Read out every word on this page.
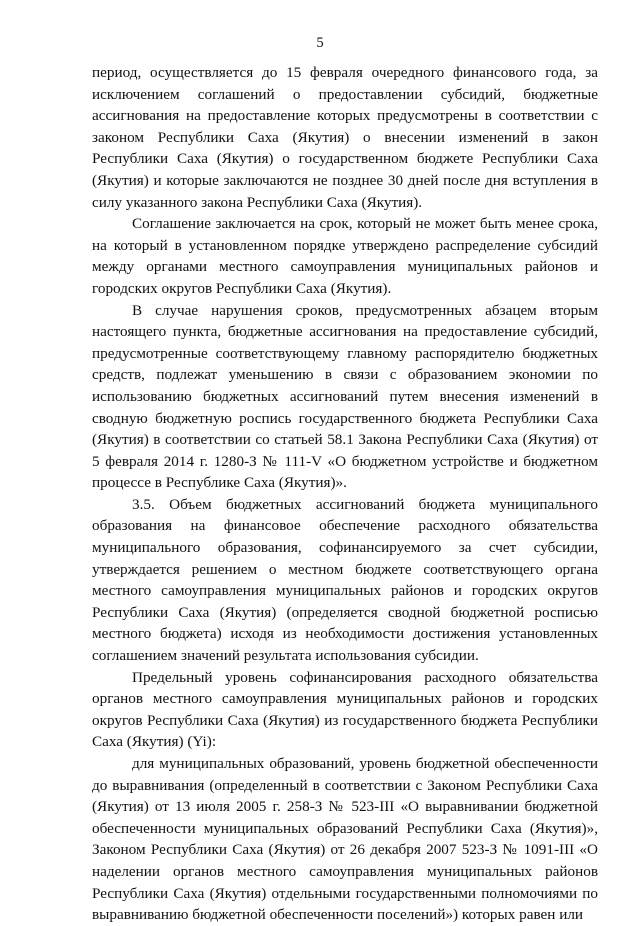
5

период, осуществляется до 15 февраля очередного финансового года, за исключением соглашений о предоставлении субсидий, бюджетные ассигнования на предоставление которых предусмотрены в соответствии с законом Республики Саха (Якутия) о внесении изменений в закон Республики Саха (Якутия) о государственном бюджете Республики Саха (Якутия) и которые заключаются не позднее 30 дней после дня вступления в силу указанного закона Республики Саха (Якутия).

Соглашение заключается на срок, который не может быть менее срока, на который в установленном порядке утверждено распределение субсидий между органами местного самоуправления муниципальных районов и городских округов Республики Саха (Якутия).

В случае нарушения сроков, предусмотренных абзацем вторым настоящего пункта, бюджетные ассигнования на предоставление субсидий, предусмотренные соответствующему главному распорядителю бюджетных средств, подлежат уменьшению в связи с образованием экономии по использованию бюджетных ассигнований путем внесения изменений в сводную бюджетную роспись государственного бюджета Республики Саха (Якутия) в соответствии со статьей 58.1 Закона Республики Саха (Якутия) от 5 февраля 2014 г. 1280-З № 111-V «О бюджетном устройстве и бюджетном процессе в Республике Саха (Якутия)».

3.5. Объем бюджетных ассигнований бюджета муниципального образования на финансовое обеспечение расходного обязательства муниципального образования, софинансируемого за счет субсидии, утверждается решением о местном бюджете соответствующего органа местного самоуправления муниципальных районов и городских округов Республики Саха (Якутия) (определяется сводной бюджетной росписью местного бюджета) исходя из необходимости достижения установленных соглашением значений результата использования субсидии.

Предельный уровень софинансирования расходного обязательства органов местного самоуправления муниципальных районов и городских округов Республики Саха (Якутия) из государственного бюджета Республики Саха (Якутия) (Yi):

для муниципальных образований, уровень бюджетной обеспеченности до выравнивания (определенный в соответствии с Законом Республики Саха (Якутия) от 13 июля 2005 г. 258-З № 523-III «О выравнивании бюджетной обеспеченности муниципальных образований Республики Саха (Якутия)», Законом Республики Саха (Якутия) от 26 декабря 2007 523-З № 1091-III «О наделении органов местного самоуправления муниципальных районов Республики Саха (Якутия) отдельными государственными полномочиями по выравниванию бюджетной обеспеченности поселений») которых равен или
